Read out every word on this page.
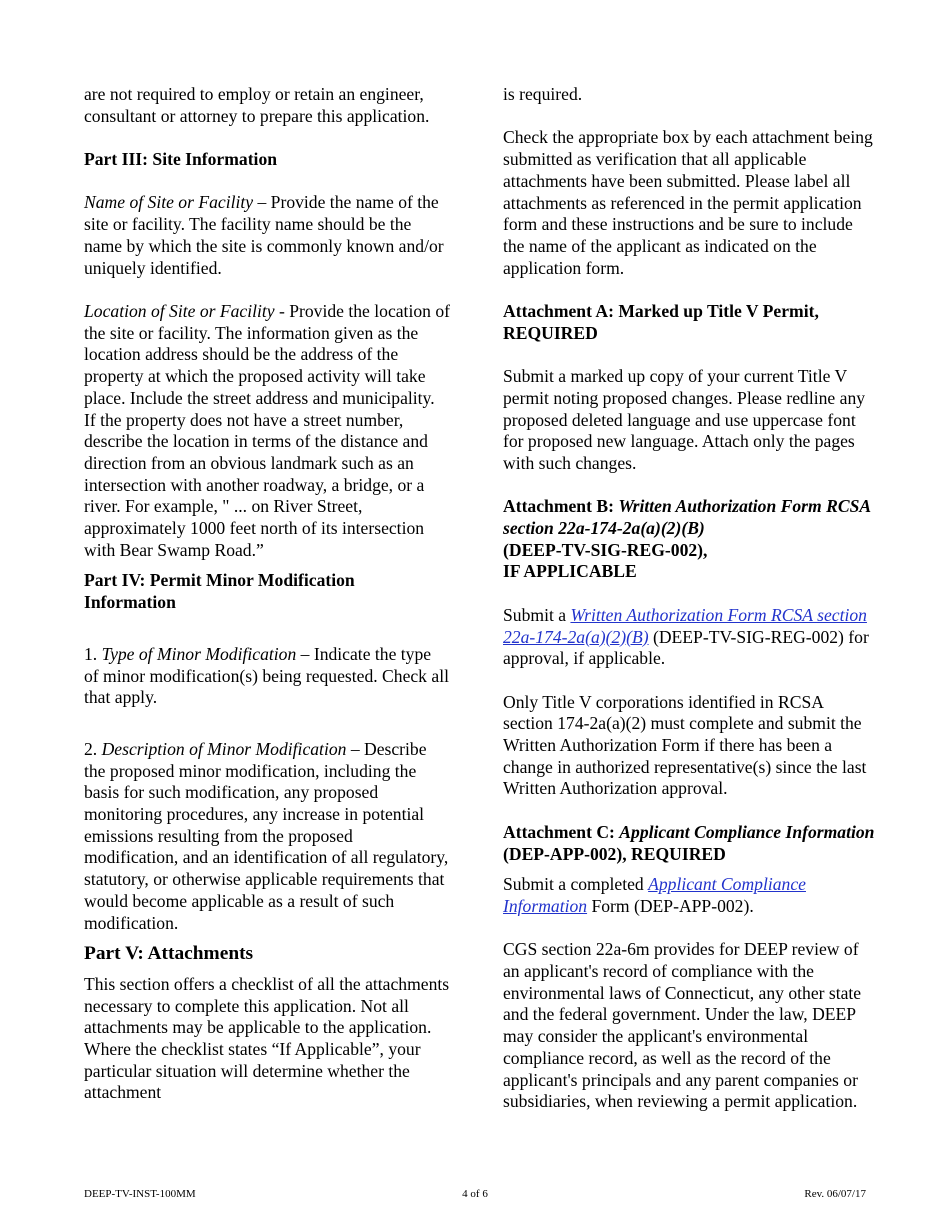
are not required to employ or retain an engineer, consultant or attorney to prepare this application.

Part III: Site Information

Name of Site or Facility – Provide the name of the site or facility. The facility name should be the name by which the site is commonly known and/or uniquely identified.

Location of Site or Facility - Provide the location of the site or facility. The information given as the location address should be the address of the property at which the proposed activity will take place. Include the street address and municipality. If the property does not have a street number, describe the location in terms of the distance and direction from an obvious landmark such as an intersection with another roadway, a bridge, or a river. For example, " ... on River Street, approximately 1000 feet north of its intersection with Bear Swamp Road.”

Part IV: Permit Minor Modification Information

1. Type of Minor Modification – Indicate the type of minor modification(s) being requested. Check all that apply.

2. Description of Minor Modification – Describe the proposed minor modification, including the basis for such modification, any proposed monitoring procedures, any increase in potential emissions resulting from the proposed modification, and an identification of all regulatory, statutory, or otherwise applicable requirements that would become applicable as a result of such modification.

Part V: Attachments

This section offers a checklist of all the attachments necessary to complete this application. Not all attachments may be applicable to the application. Where the checklist states “If Applicable”, your particular situation will determine whether the attachment

is required.

Check the appropriate box by each attachment being submitted as verification that all applicable attachments have been submitted. Please label all attachments as referenced in the permit application form and these instructions and be sure to include the name of the applicant as indicated on the application form.

Attachment A: Marked up Title V Permit, REQUIRED

Submit a marked up copy of your current Title V permit noting proposed changes. Please redline any proposed deleted language and use uppercase font for proposed new language. Attach only the pages with such changes.

Attachment B: Written Authorization Form RCSA section 22a-174-2a(a)(2)(B)
(DEEP-TV-SIG-REG-002),
IF APPLICABLE

Submit a Written Authorization Form RCSA section 22a-174-2a(a)(2)(B) (DEEP-TV-SIG-REG-002) for approval, if applicable.

Only Title V corporations identified in RCSA section 174-2a(a)(2) must complete and submit the Written Authorization Form if there has been a change in authorized representative(s) since the last Written Authorization approval.

Attachment C: Applicant Compliance Information (DEP-APP-002), REQUIRED

Submit a completed Applicant Compliance Information Form (DEP-APP-002).

CGS section 22a-6m provides for DEEP review of an applicant's record of compliance with the environmental laws of Connecticut, any other state and the federal government. Under the law, DEEP may consider the applicant's environmental compliance record, as well as the record of the applicant's principals and any parent companies or subsidiaries, when reviewing a permit application.

DEEP-TV-INST-100MM	4 of 6	Rev. 06/07/17
